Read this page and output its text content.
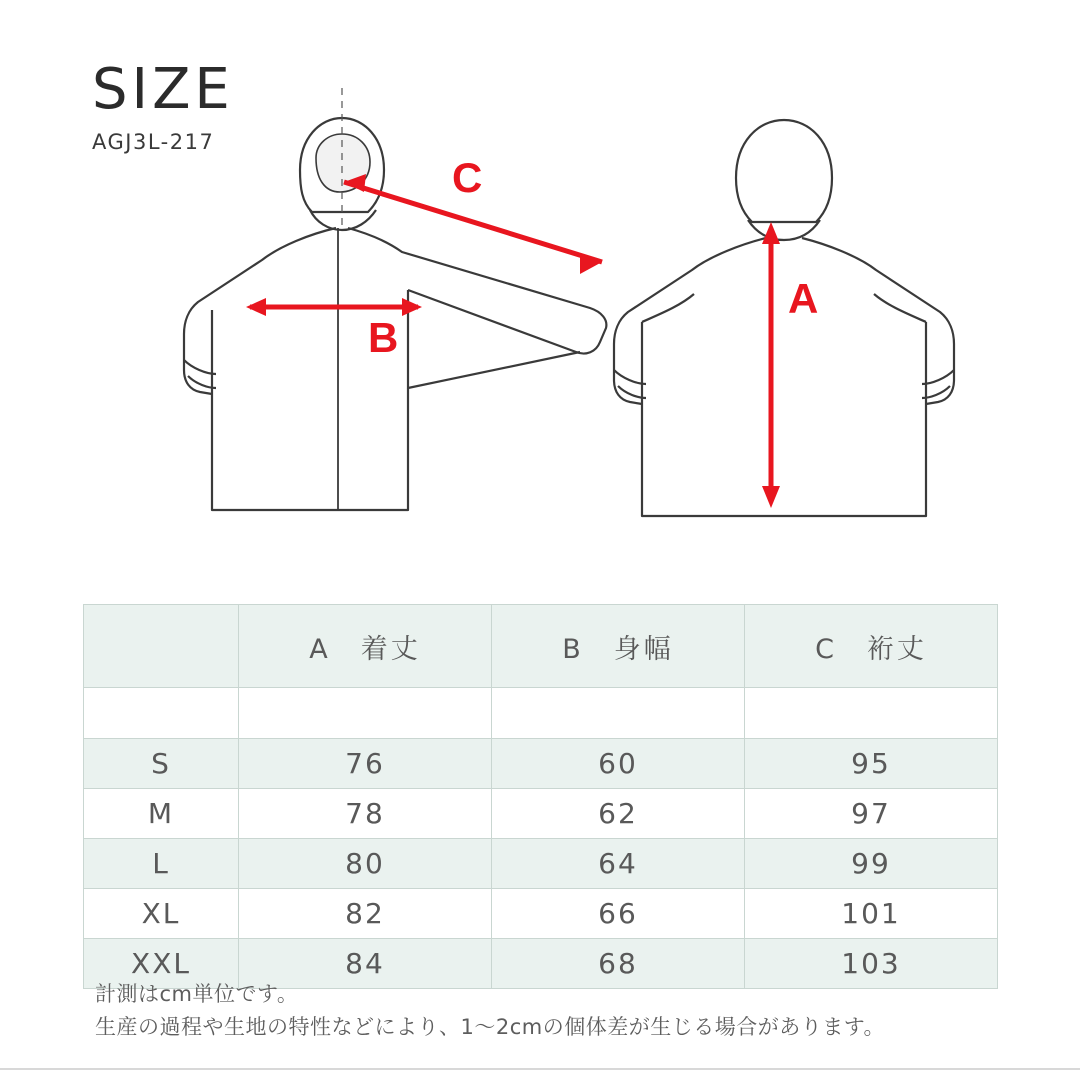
SIZE
AGJ3L-217
C
B
A
	A　着丈	B　身幅	C　裄丈

S	76	60	95
M	78	62	97
L	80	64	99
XL	82	66	101
XXL	84	68	103
計測はcm単位です。
生産の過程や生地の特性などにより、1〜2cmの個体差が生じる場合があります。
